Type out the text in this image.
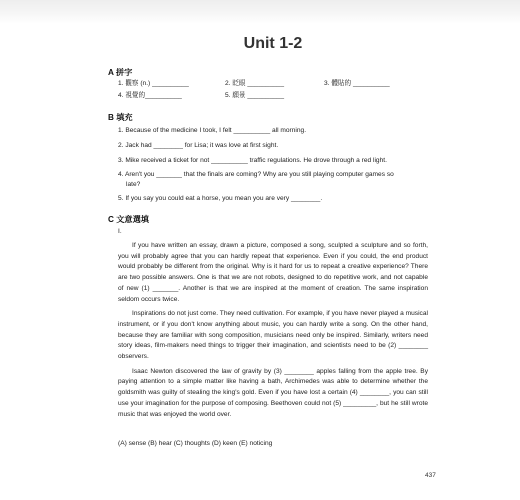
Unit 1-2
A 拼字
1. 觀察 (n.) __________	2. 眨眼 __________	3. 體貼的 __________
4. 視覺的__________	5. 願景 __________
B 填充
1. Because of the medicine I took, I felt __________ all morning.
2. Jack had ________ for Lisa; it was love at first sight.
3. Mike received a ticket for not __________ traffic regulations. He drove through a red light.
4. Aren't you _______ that the finals are coming? Why are you still playing computer games so
late?
5. If you say you could eat a horse, you mean you are very ________.
C 文意選填
I.

If you have written an essay, drawn a picture, composed a song, sculpted a sculpture and so forth, you will probably agree that you can hardly repeat that experience. Even if you could, the end product would probably be different from the original. Why is it hard for us to repeat a creative experience? There are two possible answers. One is that we are not robots, designed to do repetitive work, and not capable of new (1) _______. Another is that we are inspired at the moment of creation. The same inspiration seldom occurs twice.

Inspirations do not just come. They need cultivation. For example, if you have never played a musical instrument, or if you don't know anything about music, you can hardly write a song. On the other hand, because they are familiar with song composition, musicians need only be inspired. Similarly, writers need story ideas, film-makers need things to trigger their imagination, and scientists need to be (2) ________ observers.

Isaac Newton discovered the law of gravity by (3) ________ apples falling from the apple tree. By paying attention to a simple matter like having a bath, Archimedes was able to determine whether the goldsmith was guilty of stealing the king's gold. Even if you have lost a certain (4) ________, you can still use your imagination for the purpose of composing. Beethoven could not (5) _________, but he still wrote music that was enjoyed the world over.

(A) sense (B) hear (C) thoughts (D) keen (E) noticing
437
